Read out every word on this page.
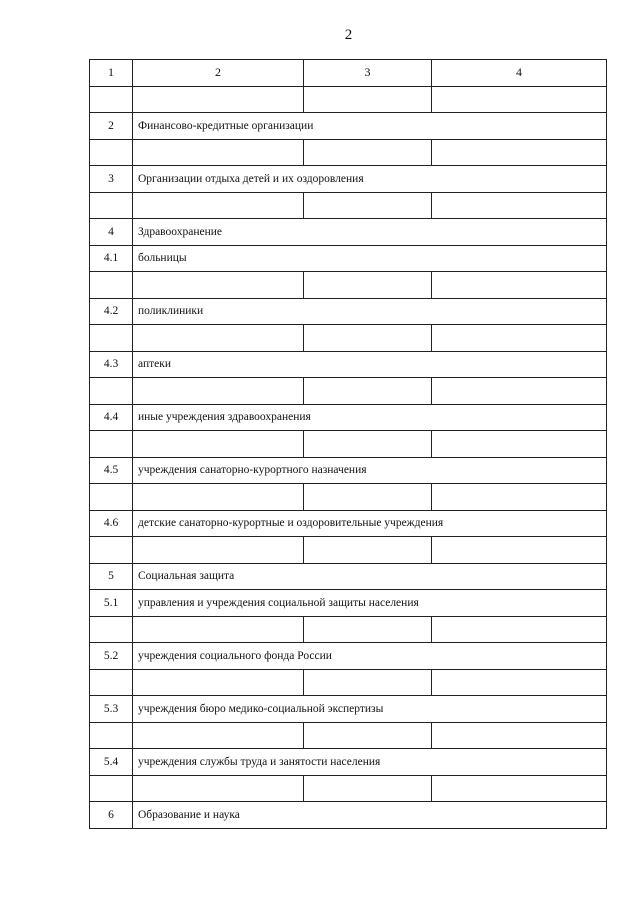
2
1	2	3	4

2	Финансово-кредитные организации		

3	Организации отдыха детей и их оздоровления		

4	Здравоохранение		
4.1	больницы		

4.2	поликлиники		

4.3	аптеки		

4.4	иные учреждения здравоохранения		

4.5	учреждения санаторно-курортного назначения		

4.6	детские санаторно-курортные и оздоровительные учреждения		

5	Социальная защита		
5.1	управления и учреждения социальной защиты населения		

5.2	учреждения социального фонда России		

5.3	учреждения бюро медико-социальной экспертизы		

5.4	учреждения службы труда и занятости населения		

6	Образование и наука		
